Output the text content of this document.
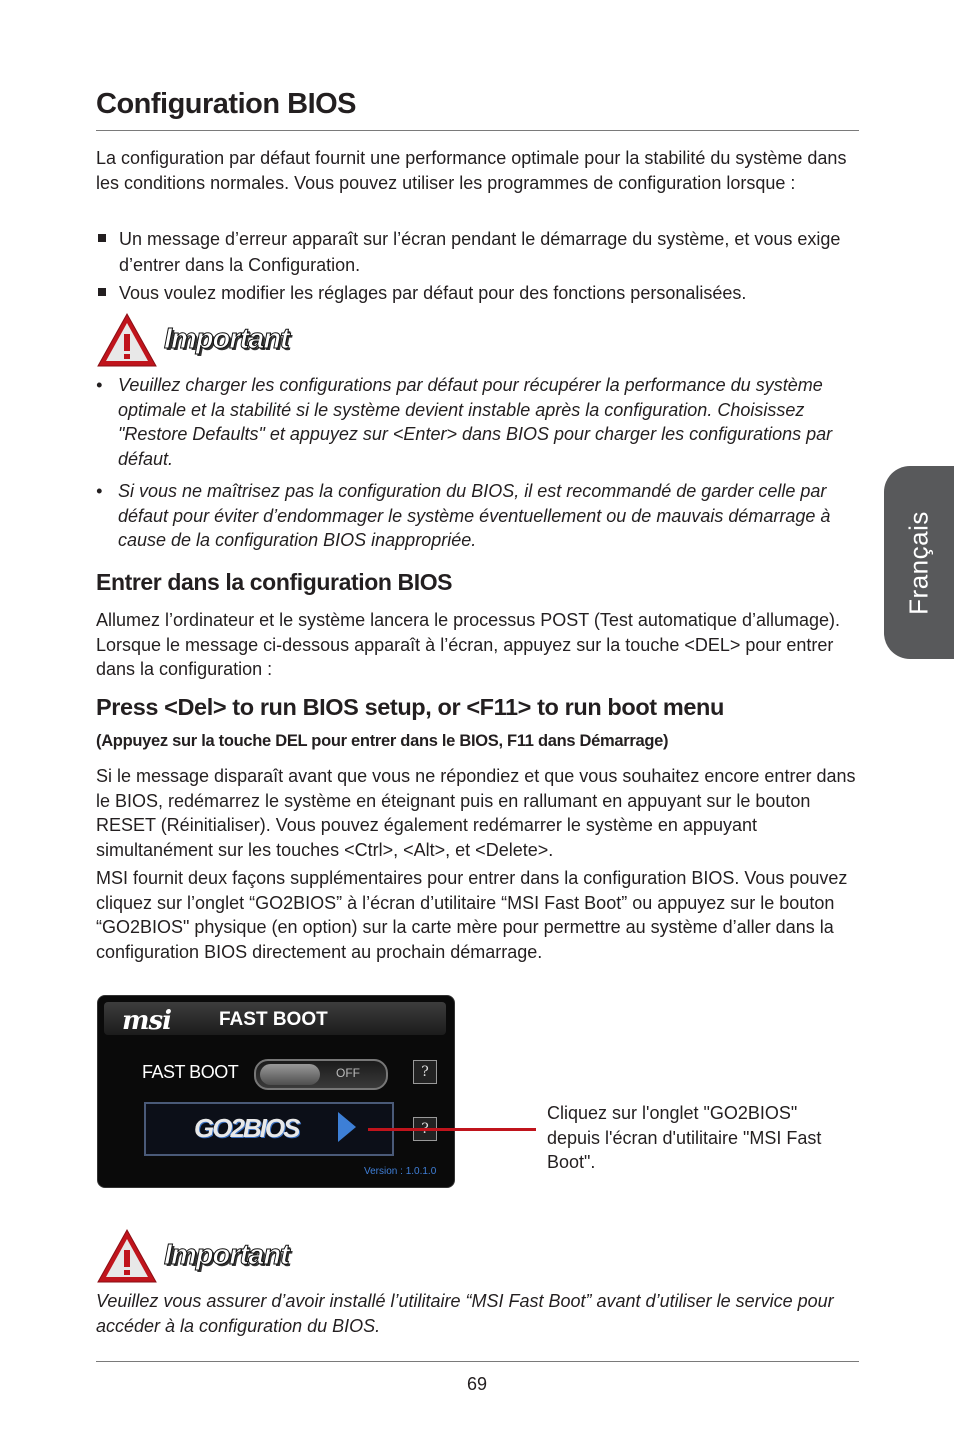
Configuration BIOS

La configuration par défaut fournit une performance optimale pour la stabilité du système dans les conditions normales. Vous pouvez utiliser les programmes de configuration lorsque :

Un message d’erreur apparaît sur l’écran pendant le démarrage du système, et vous exige d’entrer dans la Configuration.
Vous voulez modifier les réglages par défaut pour des fonctions personalisées.
Important
• Veuillez charger les configurations par défaut pour récupérer la performance du système optimale et la stabilité si le système devient instable après la configuration. Choisissez "Restore Defaults" et appuyez sur <Enter> dans BIOS pour charger les configurations par défaut.
• Si vous ne maîtrisez pas la configuration du BIOS, il est recommandé de garder celle par défaut pour éviter d’endommager le système éventuellement ou de mauvais démarrage à cause de la configuration BIOS inappropriée.
Entrer dans la configuration BIOS

Allumez l’ordinateur et le système lancera le processus POST (Test automatique d’allumage). Lorsque le message ci-dessous apparaît à l’écran, appuyez sur la touche <DEL> pour entrer dans la configuration :

Press <Del> to run BIOS setup, or <F11> to run boot menu
(Appuyez sur la touche DEL pour entrer dans le BIOS, F11 dans Démarrage)

Si le message disparaît avant que vous ne répondiez et que vous souhaitez encore entrer dans le BIOS, redémarrez le système en éteignant puis en rallumant en appuyant sur le bouton RESET (Réinitialiser). Vous pouvez également redémarrer le système en appuyant simultanément sur les touches <Ctrl>, <Alt>, et <Delete>.

MSI fournit deux façons supplémentaires pour entrer dans la configuration BIOS. Vous pouvez cliquez sur l’onglet “GO2BIOS” à l’écran d’utilitaire “MSI Fast Boot” ou appuyez sur le bouton “GO2BIOS" physique (en option) sur la carte mère pour permettre au système d’aller dans la configuration BIOS directement au prochain démarrage.

msi	FAST BOOT
FAST BOOT	OFF	?
GO2BIOS
Version : 1.0.1.0
Cliquez sur l'onglet "GO2BIOS" depuis l'écran d'utilitaire "MSI Fast Boot".
Important
Veuillez vous assurer d’avoir installé l’utilitaire “MSI Fast Boot” avant d’utiliser le service pour accéder à la configuration du BIOS.
69
Français
